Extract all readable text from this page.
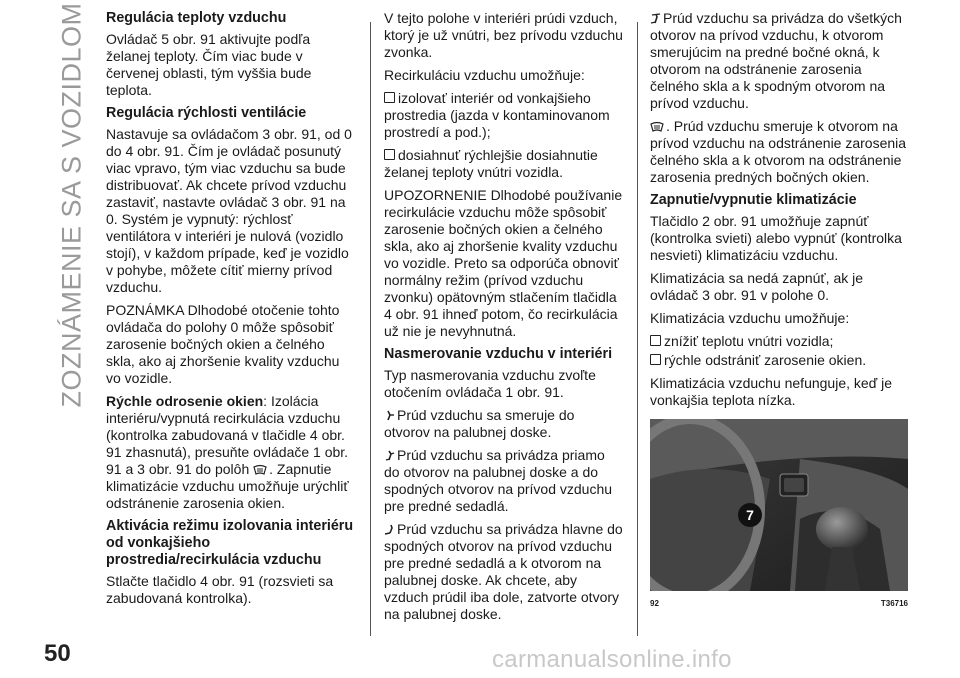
ZOZNÁMENIE SA S VOZIDLOM
50	carmanualsonline.info
Regulácia teploty vzduchu

Ovládač 5 obr. 91 aktivujte podľa želanej teploty. Čím viac bude v červenej oblasti, tým vyššia bude teplota.

Regulácia rýchlosti ventilácie

Nastavuje sa ovládačom 3 obr. 91, od 0 do 4 obr. 91. Čím je ovládač posunutý viac vpravo, tým viac vzduchu sa bude distribuovať. Ak chcete prívod vzduchu zastaviť, nastavte ovládač 3 obr. 91 na 0. Systém je vypnutý: rýchlosť ventilátora v interiéri je nulová (vozidlo stojí), v každom prípade, keď je vozidlo v pohybe, môžete cítiť mierny prívod vzduchu.

POZNÁMKA Dlhodobé otočenie tohto ovládača do polohy 0 môže spôsobiť zarosenie bočných okien a čelného skla, ako aj zhoršenie kvality vzduchu vo vozidle.

Rýchle odrosenie okien: Izolácia interiéru/vypnutá recirkulácia vzduchu (kontrolka zabudovaná v tlačidle 4 obr. 91 zhasnutá), presuňte ovládače 1 obr. 91 a 3 obr. 91 do polôh . Zapnutie klimatizácie vzduchu umožňuje urýchliť odstránenie zarosenia okien.

Aktivácia režimu izolovania interiéru od vonkajšieho prostredia/recirkulácia vzduchu

Stlačte tlačidlo 4 obr. 91 (rozsvieti sa zabudovaná kontrolka).

V tejto polohe v interiéri prúdi vzduch, ktorý je už vnútri, bez prívodu vzduchu zvonka.

Recirkuláciu vzduchu umožňuje:

izolovať interiér od vonkajšieho prostredia (jazda v kontaminovanom prostredí a pod.);

dosiahnuť rýchlejšie dosiahnutie želanej teploty vnútri vozidla.

UPOZORNENIE Dlhodobé používanie recirkulácie vzduchu môže spôsobiť zarosenie bočných okien a čelného skla, ako aj zhoršenie kvality vzduchu vo vozidle. Preto sa odporúča obnoviť normálny režim (prívod vzduchu zvonku) opätovným stlačením tlačidla 4 obr. 91 ihneď potom, čo recirkulácia už nie je nevyhnutná.

Nasmerovanie vzduchu v interiéri

Typ nasmerovania vzduchu zvoľte otočením ovládača 1 obr. 91.

Prúd vzduchu sa smeruje do otvorov na palubnej doske.

Prúd vzduchu sa privádza priamo do otvorov na palubnej doske a do spodných otvorov na prívod vzduchu pre predné sedadlá.

Prúd vzduchu sa privádza hlavne do spodných otvorov na prívod vzduchu pre predné sedadlá a k otvorom na palubnej doske. Ak chcete, aby vzduch prúdil iba dole, zatvorte otvory na palubnej doske.

Prúd vzduchu sa privádza do všetkých otvorov na prívod vzduchu, k otvorom smerujúcim na predné bočné okná, k otvorom na odstránenie zarosenia čelného skla a k spodným otvorom na prívod vzduchu.

. Prúd vzduchu smeruje k otvorom na prívod vzduchu na odstránenie zarosenia čelného skla a k otvorom na odstránenie zarosenia predných bočných okien.

Zapnutie/vypnutie klimatizácie

Tlačidlo 2 obr. 91 umožňuje zapnúť (kontrolka svieti) alebo vypnúť (kontrolka nesvieti) klimatizáciu vzduchu.

Klimatizácia sa nedá zapnúť, ak je ovládač 3 obr. 91 v polohe 0.

Klimatizácia vzduchu umožňuje:

znížiť teplotu vnútri vozidla;

rýchle odstrániť zarosenie okien.

Klimatizácia vzduchu nefunguje, keď je vonkajšia teplota nízka.

7
92	T36716
